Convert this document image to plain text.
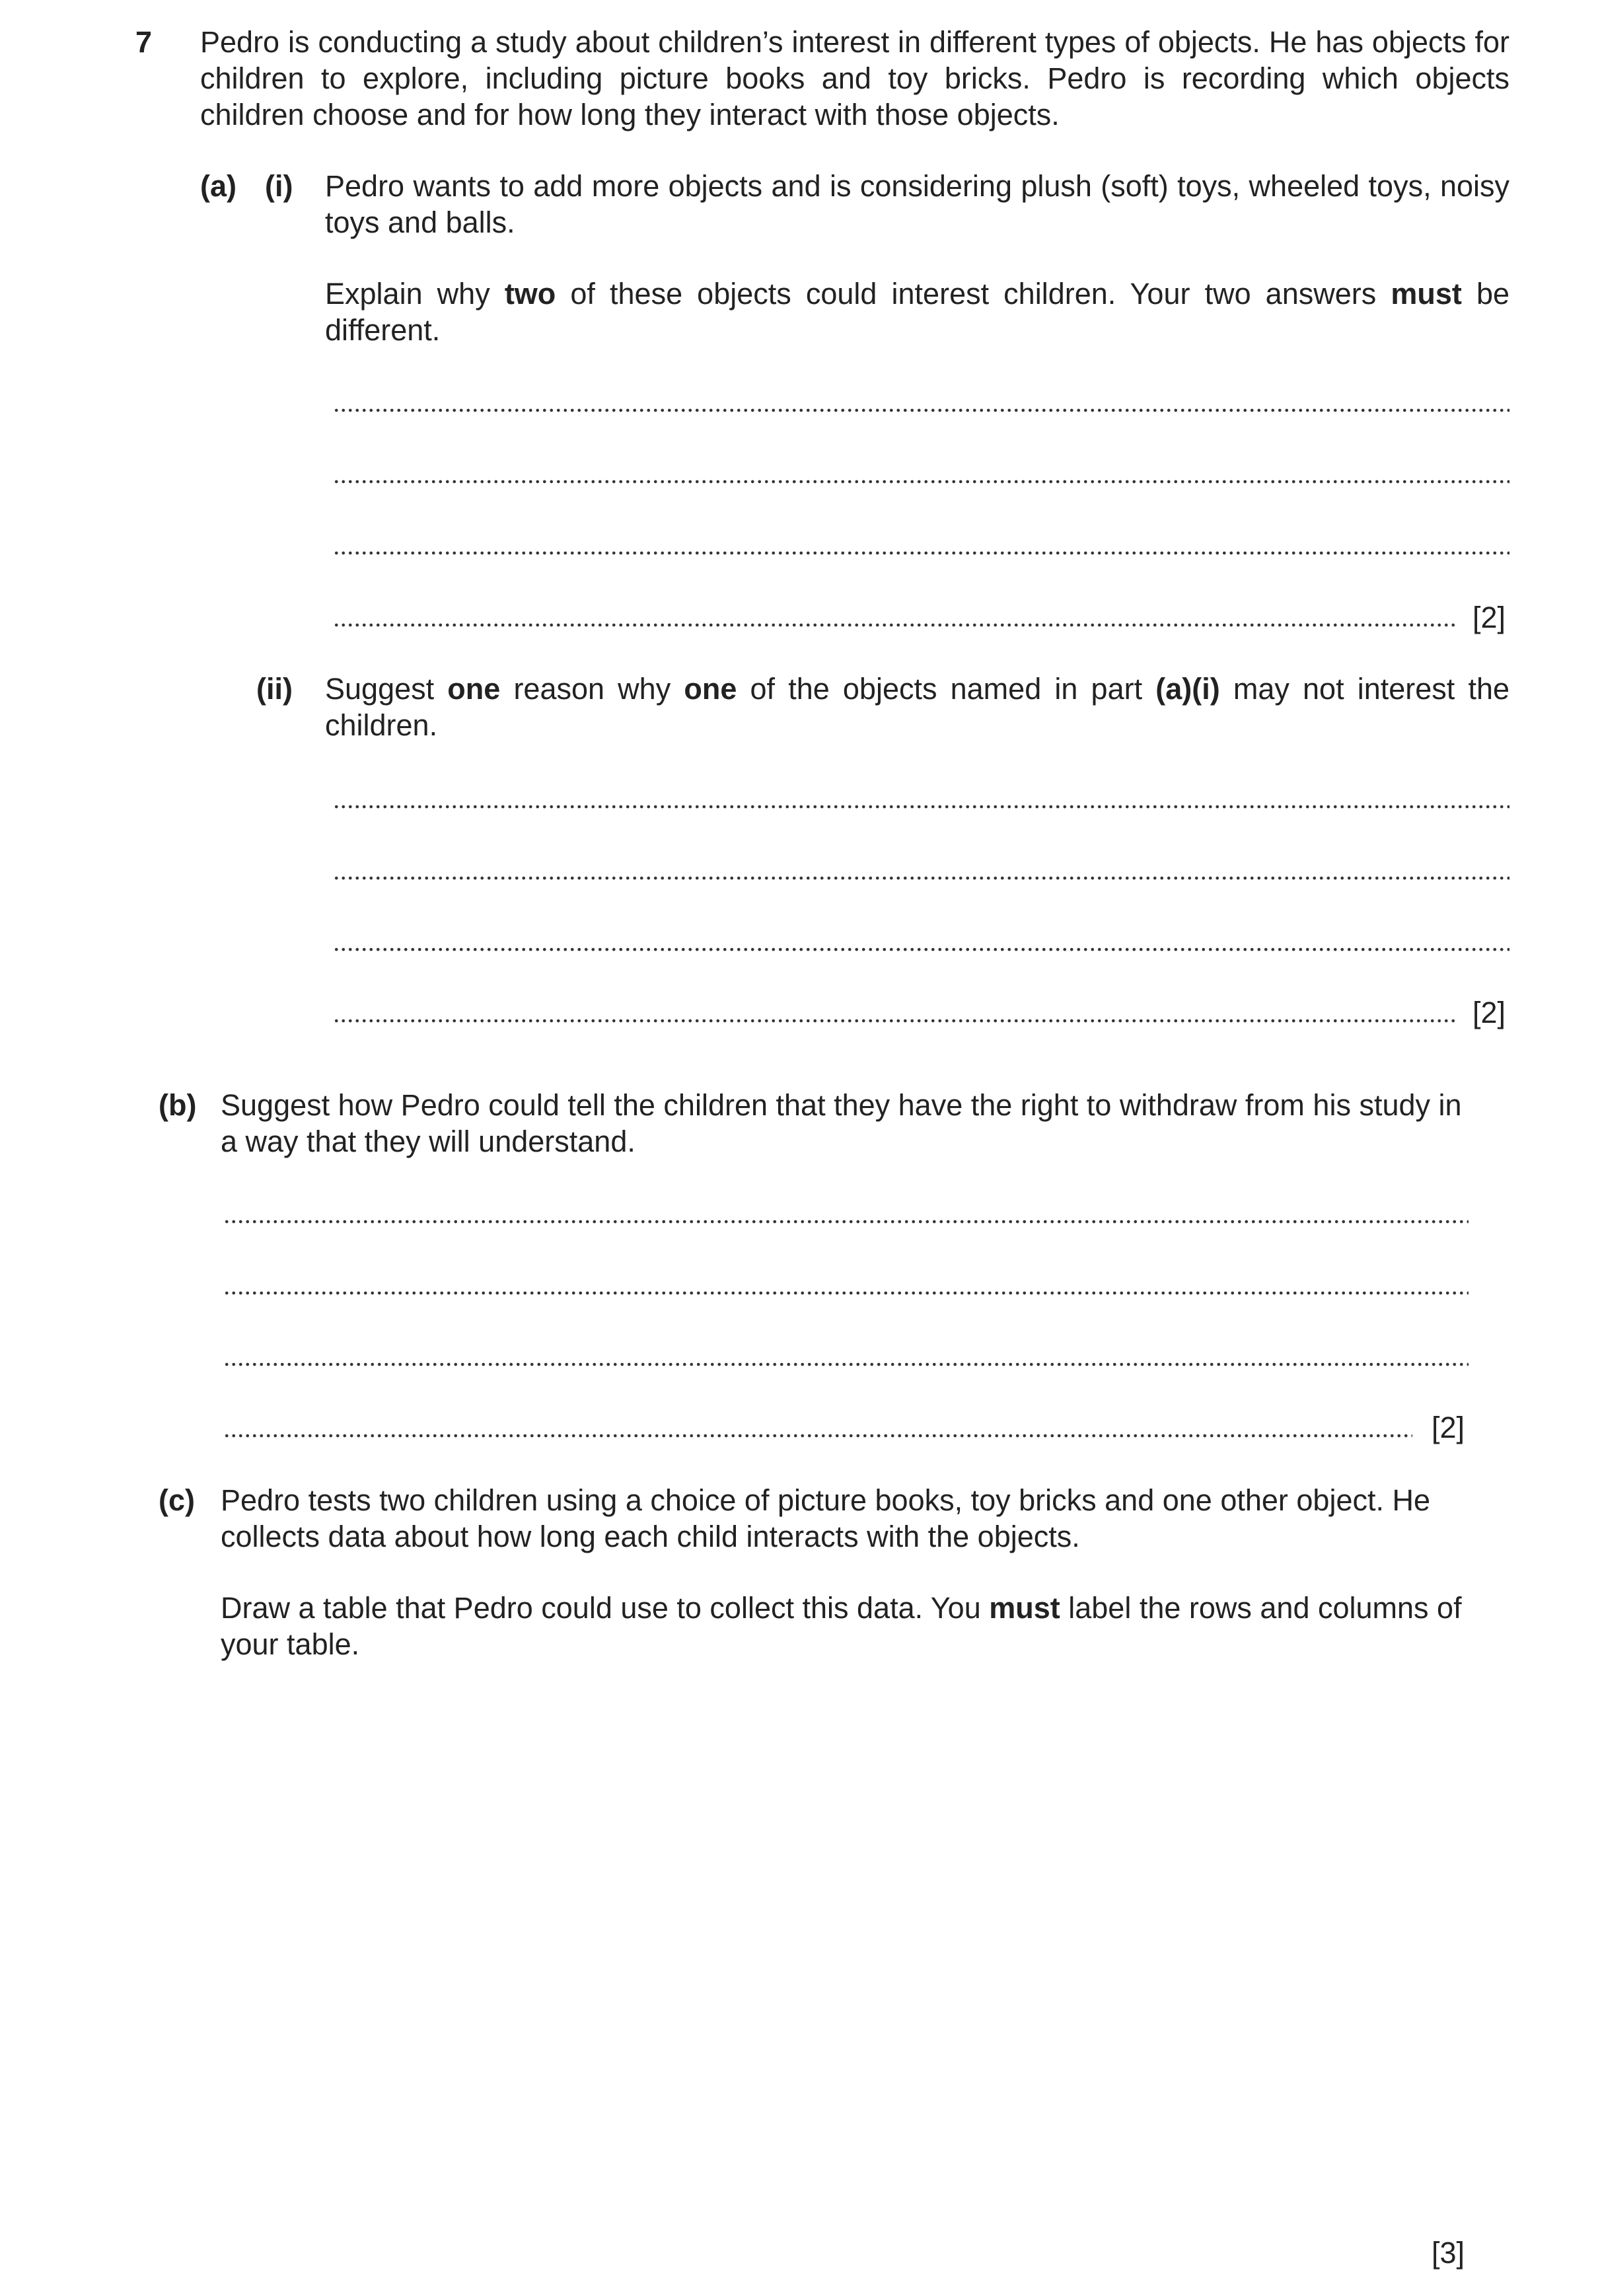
7 Pedro is conducting a study about children’s interest in different types of objects. He has objects for children to explore, including picture books and toy bricks. Pedro is recording which objects children choose and for how long they interact with those objects.
(a) (i) Pedro wants to add more objects and is considering plush (soft) toys, wheeled toys, noisy toys and balls.
Explain why two of these objects could interest children. Your two answers must be different.
[2]
(ii) Suggest one reason why one of the objects named in part (a)(i) may not interest the children.
[2]
(b) Suggest how Pedro could tell the children that they have the right to withdraw from his study in a way that they will understand.
[2]
(c) Pedro tests two children using a choice of picture books, toy bricks and one other object. He collects data about how long each child interacts with the objects.
Draw a table that Pedro could use to collect this data. You must label the rows and columns of your table.
[3]
